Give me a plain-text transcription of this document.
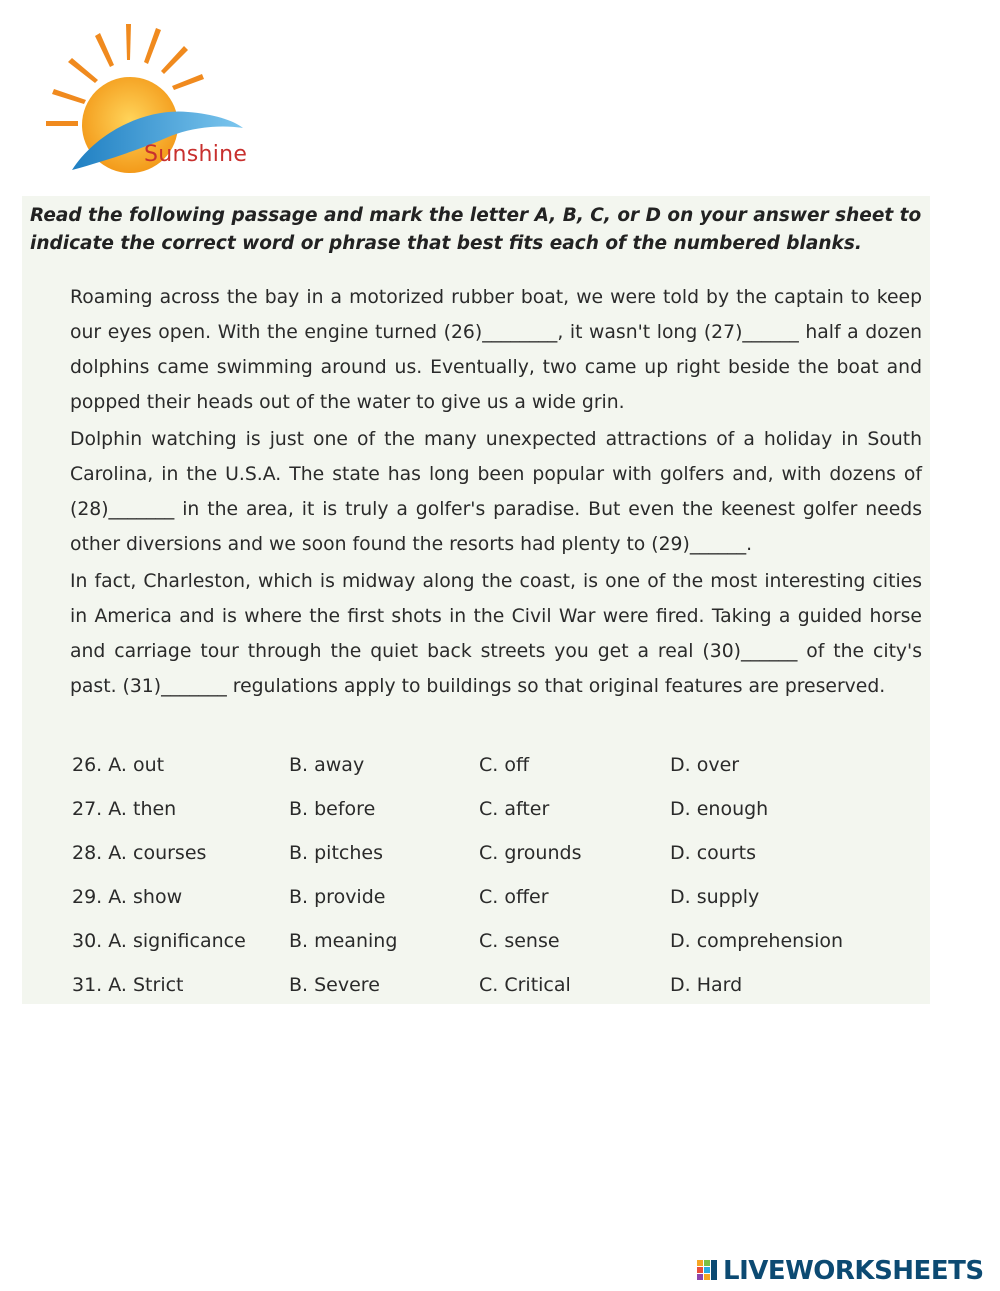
Sunshine
Read the following passage and mark the letter A, B, C, or D on your answer sheet to indicate the correct word or phrase that best fits each of the numbered blanks.

Roaming across the bay in a motorized rubber boat, we were told by the captain to keep our eyes open. With the engine turned (26)________, it wasn't long (27)______ half a dozen dolphins came swimming around us. Eventually, two came up right beside the boat and popped their heads out of the water to give us a wide grin.

Dolphin watching is just one of the many unexpected attractions of a holiday in South Carolina, in the U.S.A. The state has long been popular with golfers and, with dozens of (28)_______ in the area, it is truly a golfer's paradise. But even the keenest golfer needs other diversions and we soon found the resorts had plenty to (29)______.

In fact, Charleston, which is midway along the coast, is one of the most interesting cities in America and is where the first shots in the Civil War were fired. Taking a guided horse and carriage tour through the quiet back streets you get a real (30)______ of the city's past. (31)_______ regulations apply to buildings so that original features are preserved.

26. A. out	B. away	C. off	D. over
27. A. then	B. before	C. after	D. enough
28. A. courses	B. pitches	C. grounds	D. courts
29. A. show	B. provide	C. offer	D. supply
30. A. significance B. meaning	C. sense	D. comprehension
31. A. Strict	B. Severe	C. Critical	D. Hard
LIVEWORKSHEETS
